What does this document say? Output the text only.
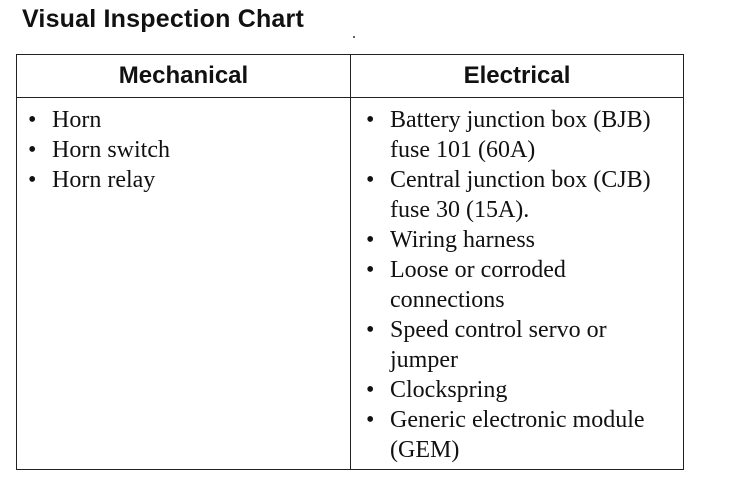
Visual Inspection Chart
Mechanical	Electrical
• Horn
• Horn switch
• Horn relay
• Battery junction box (BJB) fuse 101 (60A)
• Central junction box (CJB) fuse 30 (15A).
• Wiring harness
• Loose or corroded connections
• Speed control servo or jumper
• Clockspring
• Generic electronic module (GEM)
